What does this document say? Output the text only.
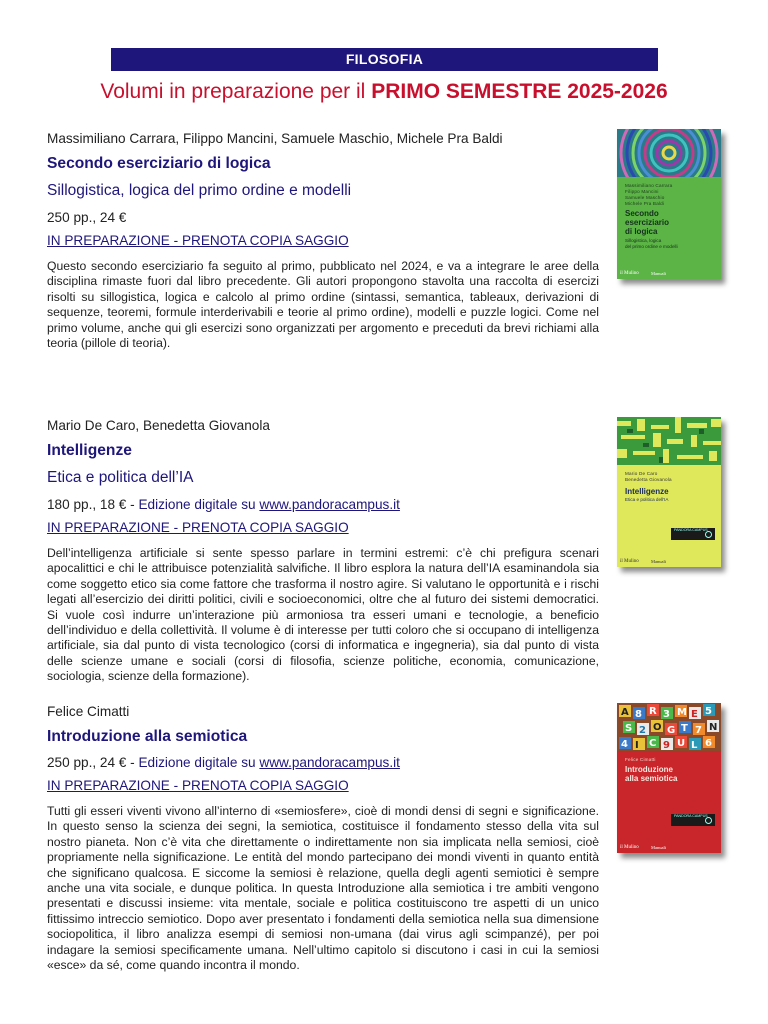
FILOSOFIA
Volumi in preparazione per il PRIMO SEMESTRE 2025-2026
Massimiliano Carrara, Filippo Mancini, Samuele Maschio, Michele Pra Baldi
Secondo eserciziario di logica
Sillogistica, logica del primo ordine e modelli
250 pp., 24 €
IN PREPARAZIONE - PRENOTA COPIA SAGGIO
Questo secondo eserciziario fa seguito al primo, pubblicato nel 2024, e va a integrare le aree della disciplina rimaste fuori dal libro precedente. Gli autori propongono stavolta una raccolta di esercizi risolti su sillogistica, logica e calcolo al primo ordine (sintassi, semantica, tableaux, derivazioni di sequenze, teoremi, formule interderivabili e teorie al primo ordine), modelli e puzzle logici. Come nel primo volume, anche qui gli esercizi sono organizzati per argomento e preceduti da brevi richiami alla teoria (pillole di teoria).
Massimiliano Carrara
Filippo Mancini
Samuele Maschio
Michele Pra Baldi
Secondo
eserciziario
di logica
Sillogistica, logica
del primo ordine e modelli
il Mulino	Manuali
Mario De Caro, Benedetta Giovanola
Intelligenze
Etica e politica dell’IA
180 pp., 18 € - Edizione digitale su www.pandoracampus.it
IN PREPARAZIONE - PRENOTA COPIA SAGGIO
Dell’intelligenza artificiale si sente spesso parlare in termini estremi: c’è chi prefigura scenari apocalittici e chi le attribuisce potenzialità salvifiche. Il libro esplora la natura dell’IA esaminandola sia come soggetto etico sia come fattore che trasforma il nostro agire. Si valutano le opportunità e i rischi legati all’esercizio dei diritti politici, civili e socioeconomici, oltre che al futuro dei sistemi democratici. Si vuole così indurre un’interazione più armoniosa tra esseri umani e tecnologie, a beneficio dell’individuo e della collettività. Il volume è di interesse per tutti coloro che si occupano di intelligenza artificiale, sia dal punto di vista tecnologico (corsi di informatica e ingegneria), sia dal punto di vista delle scienze umane e sociali (corsi di filosofia, scienze politiche, economia, comunicazione, sociologia, scienze della formazione).
Mario De Caro
Benedetta Giovanola
Intelligenze
Etica e politica dell’IA
PANDORA CAMPUS
il Mulino	Manuali
Felice Cimatti
Introduzione alla semiotica
250 pp., 24 € - Edizione digitale su www.pandoracampus.it
IN PREPARAZIONE - PRENOTA COPIA SAGGIO
Tutti gli esseri viventi vivono all’interno di «semiosfere», cioè di mondi densi di segni e significazione. In questo senso la scienza dei segni, la semiotica, costituisce il fondamento stesso della vita sul nostro pianeta. Non c’è vita che direttamente o indirettamente non sia implicata nella semiosi, cioè propriamente nella significazione. Le entità del mondo partecipano dei mondi viventi in quanto entità che significano qualcosa. E siccome la semiosi è relazione, quella degli agenti semiotici è sempre anche una vita sociale, e dunque politica. In questa Introduzione alla semiotica i tre ambiti vengono presentati e discussi insieme: vita mentale, sociale e politica costituiscono tre aspetti di un unico fittissimo intreccio semiotico. Dopo aver presentato i fondamenti della semiotica nella sua dimensione sociopolitica, il libro analizza esempi di semiosi non-umana (dai virus agli scimpanzé), per poi indagare la semiosi specificamente umana. Nell’ultimo capitolo si discutono i casi in cui la semiosi «esce» da sé, come quando incontra il mondo.
A 8 R 3 M E 5
S 2 O G T 7 N
4 I C 9 U L 6
Felice Cimatti
Introduzione
alla semiotica
PANDORA CAMPUS
il Mulino	Manuali
